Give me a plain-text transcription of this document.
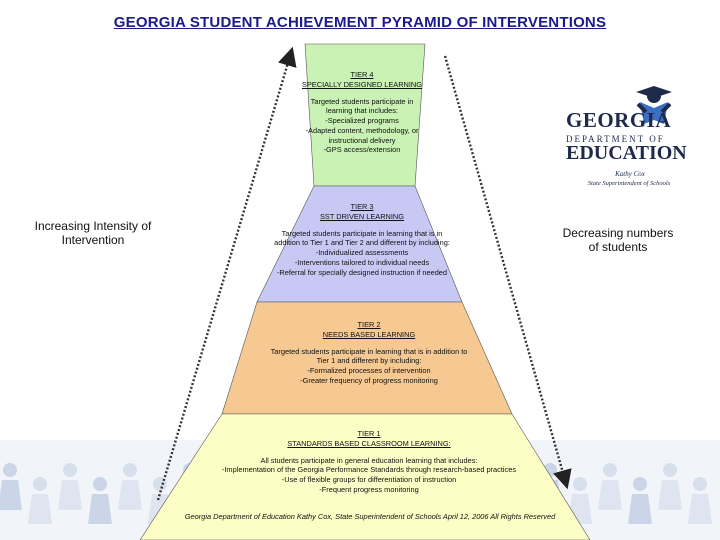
GEORGIA STUDENT ACHIEVEMENT PYRAMID OF INTERVENTIONS
TIER 4
SPECIALLY DESIGNED LEARNING
Targeted students participate in
learning that includes:
-Specialized programs
-Adapted content, methodology, or
instructional delivery
-GPS access/extension
TIER 3
SST DRIVEN LEARNING
Targeted students participate in learning that is in
addition to Tier 1 and Tier 2 and different by including:
-Individualized assessments
-Interventions tailored to individual needs
-Referral for specially designed instruction if needed
TIER 2
NEEDS BASED LEARNING
Targeted students participate in learning that is in addition to
Tier 1 and different by including:
-Formalized processes of intervention
-Greater frequency of progress monitoring
TIER 1
STANDARDS BASED CLASSROOM LEARNING:
All students participate in general education learning that includes:
-Implementation of the Georgia Performance Standards through research-based practices
-Use of flexible groups for differentiation of instruction
-Frequent progress monitoring
Increasing Intensity of Intervention
Decreasing numbers of students
GEORGIA
DEPARTMENT OF
EDUCATION
Kathy Cox
State Superintendent of Schools
Georgia Department of Education Kathy Cox, State Superintendent of Schools April 12, 2006 All Rights Reserved
